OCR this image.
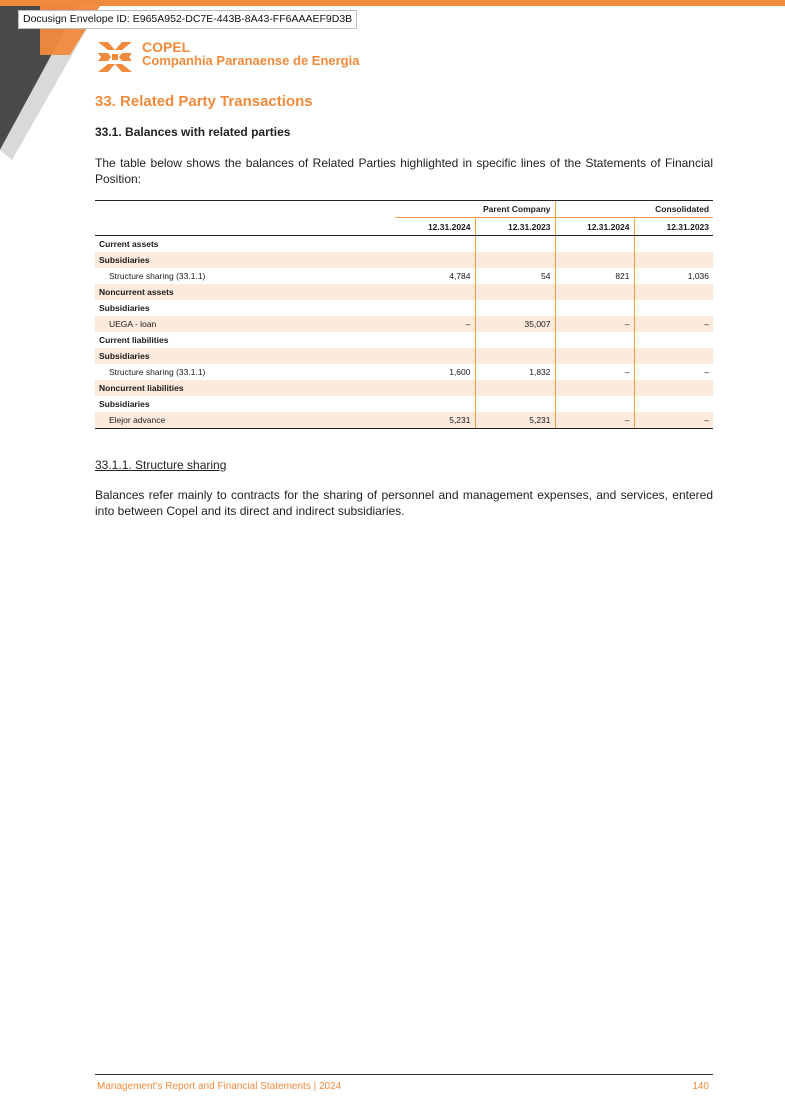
Docusign Envelope ID: E965A952-DC7E-443B-8A43-FF6AAAEF9D3B
COPEL
Companhia Paranaense de Energia
33. Related Party Transactions
33.1. Balances with related parties
The table below shows the balances of Related Parties highlighted in specific lines of the Statements of Financial Position:
	Parent Company		Consolidated	
	12.31.2024	12.31.2023	12.31.2024	12.31.2023
Current assets				
Subsidiaries				
Structure sharing (33.1.1)	4,784	54	821	1,036
Noncurrent assets				
Subsidiaries				
UEGA - loan	–	35,007	–	–
Current liabilities				
Subsidiaries				
Structure sharing (33.1.1)	1,600	1,832	–	–
Noncurrent liabilities				
Subsidiaries				
Elejor advance	5,231	5,231	–	–
33.1.1. Structure sharing
Balances refer mainly to contracts for the sharing of personnel and management expenses, and services, entered into between Copel and its direct and indirect subsidiaries.
Management’s Report and Financial Statements | 2024	140
